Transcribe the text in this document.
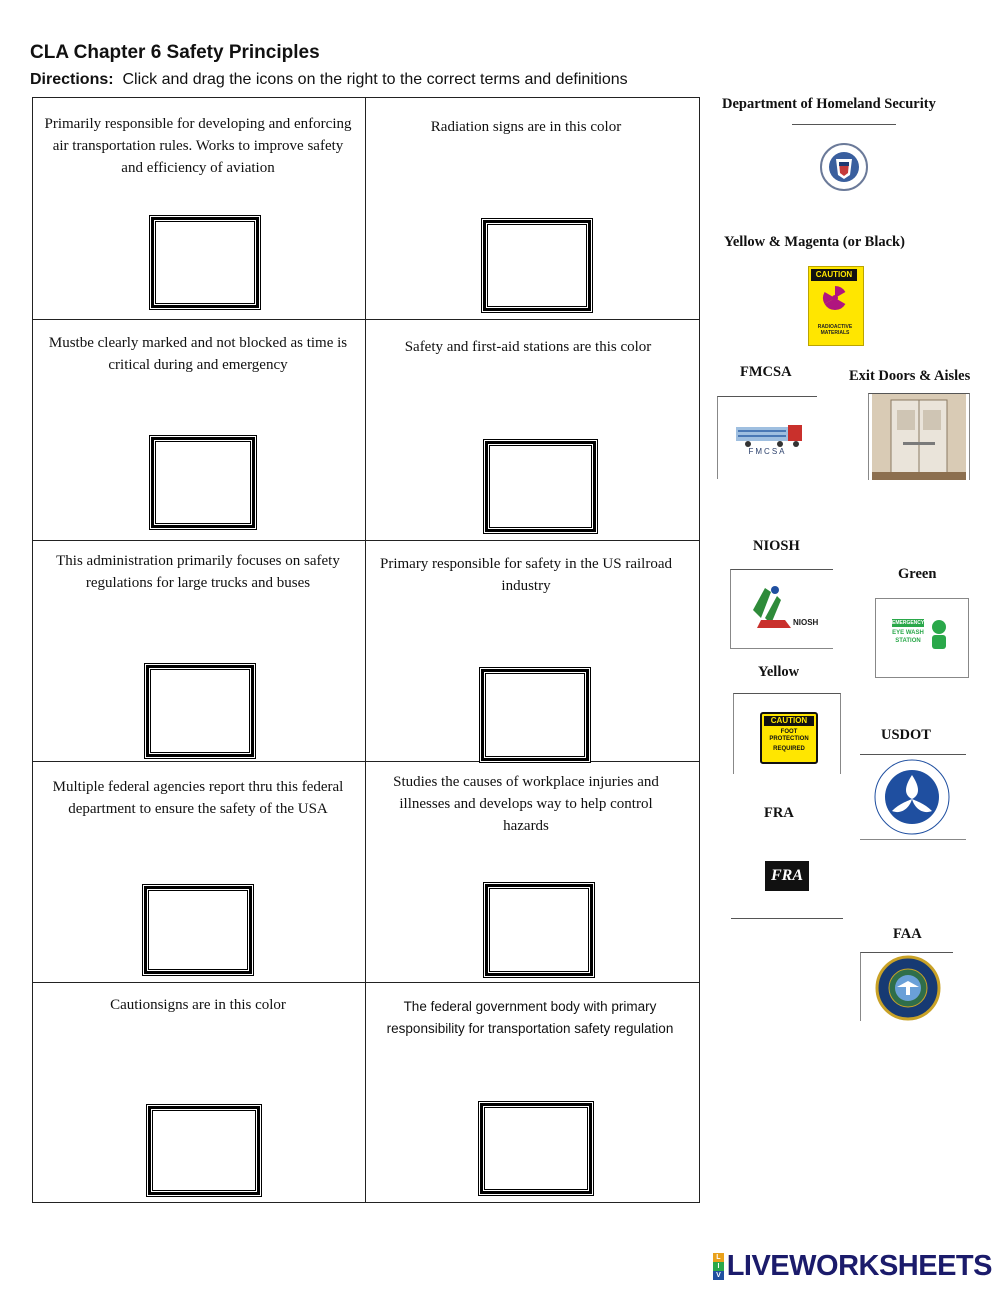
CLA Chapter 6 Safety Principles
Directions: Click and drag the icons on the right to the correct terms and definitions
Primarily responsible for developing and enforcing air transportation rules. Works to improve safety and efficiency of aviation
Radiation signs are in this color
Mustbe clearly marked and not blocked as time is critical during and emergency
Safety and first-aid stations are this color
This administration primarily focuses on safety regulations for large trucks and buses
Primary responsible for safety in the US railroad industry
Multiple federal agencies report thru this federal department to ensure the safety of the USA
Studies the causes of workplace injuries and illnesses and develops way to help control hazards
Cautionsigns are in this color	The federal government body with primary responsibility for transportation safety regulation
Department of Homeland Security
Yellow & Magenta (or Black)
CAUTION
RADIOACTIVE MATERIALS
FMCSA
FMCSA
Exit Doors & Aisles
NIOSH
NIOSH
Green
EMERGENCY
EYE WASH
STATION
Yellow
CAUTION
FOOT PROTECTION
REQUIRED
USDOT
FRA
FRA
FAA
L
I
V LIVEWORKSHEETS
